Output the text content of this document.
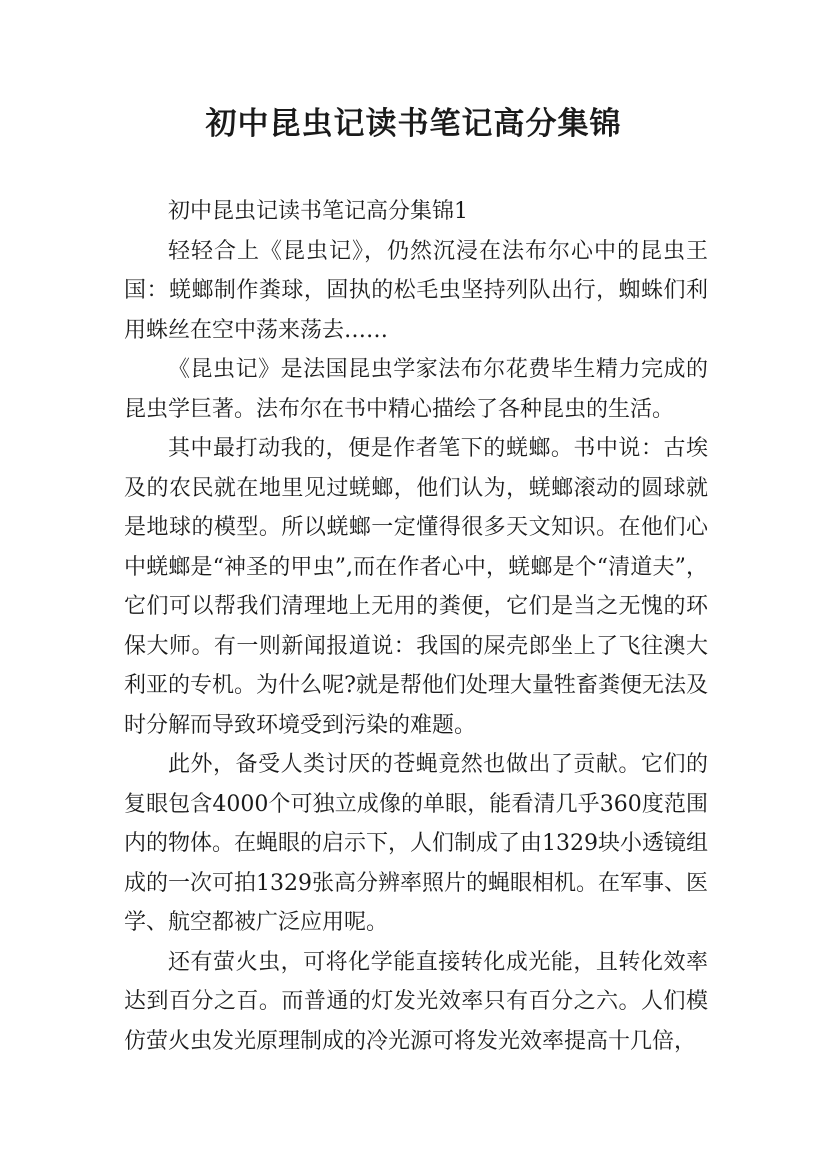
初中昆虫记读书笔记高分集锦

初中昆虫记读书笔记高分集锦1

轻轻合上《昆虫记》，仍然沉浸在法布尔心中的昆虫王国：蜣螂制作粪球，固执的松毛虫坚持列队出行，蜘蛛们利用蛛丝在空中荡来荡去……

《昆虫记》是法国昆虫学家法布尔花费毕生精力完成的昆虫学巨著。法布尔在书中精心描绘了各种昆虫的生活。

其中最打动我的，便是作者笔下的蜣螂。书中说：古埃及的农民就在地里见过蜣螂，他们认为，蜣螂滚动的圆球就是地球的模型。所以蜣螂一定懂得很多天文知识。在他们心中蜣螂是“神圣的甲虫”,而在作者心中，蜣螂是个“清道夫”，它们可以帮我们清理地上无用的粪便，它们是当之无愧的环保大师。有一则新闻报道说：我国的屎壳郎坐上了飞往澳大利亚的专机。为什么呢?就是帮他们处理大量牲畜粪便无法及时分解而导致环境受到污染的难题。

此外，备受人类讨厌的苍蝇竟然也做出了贡献。它们的复眼包含4000个可独立成像的单眼，能看清几乎360度范围内的物体。在蝇眼的启示下，人们制成了由1329块小透镜组成的一次可拍1329张高分辨率照片的蝇眼相机。在军事、医学、航空都被广泛应用呢。

还有萤火虫，可将化学能直接转化成光能，且转化效率达到百分之百。而普通的灯发光效率只有百分之六。人们模仿萤火虫发光原理制成的冷光源可将发光效率提高十几倍，
